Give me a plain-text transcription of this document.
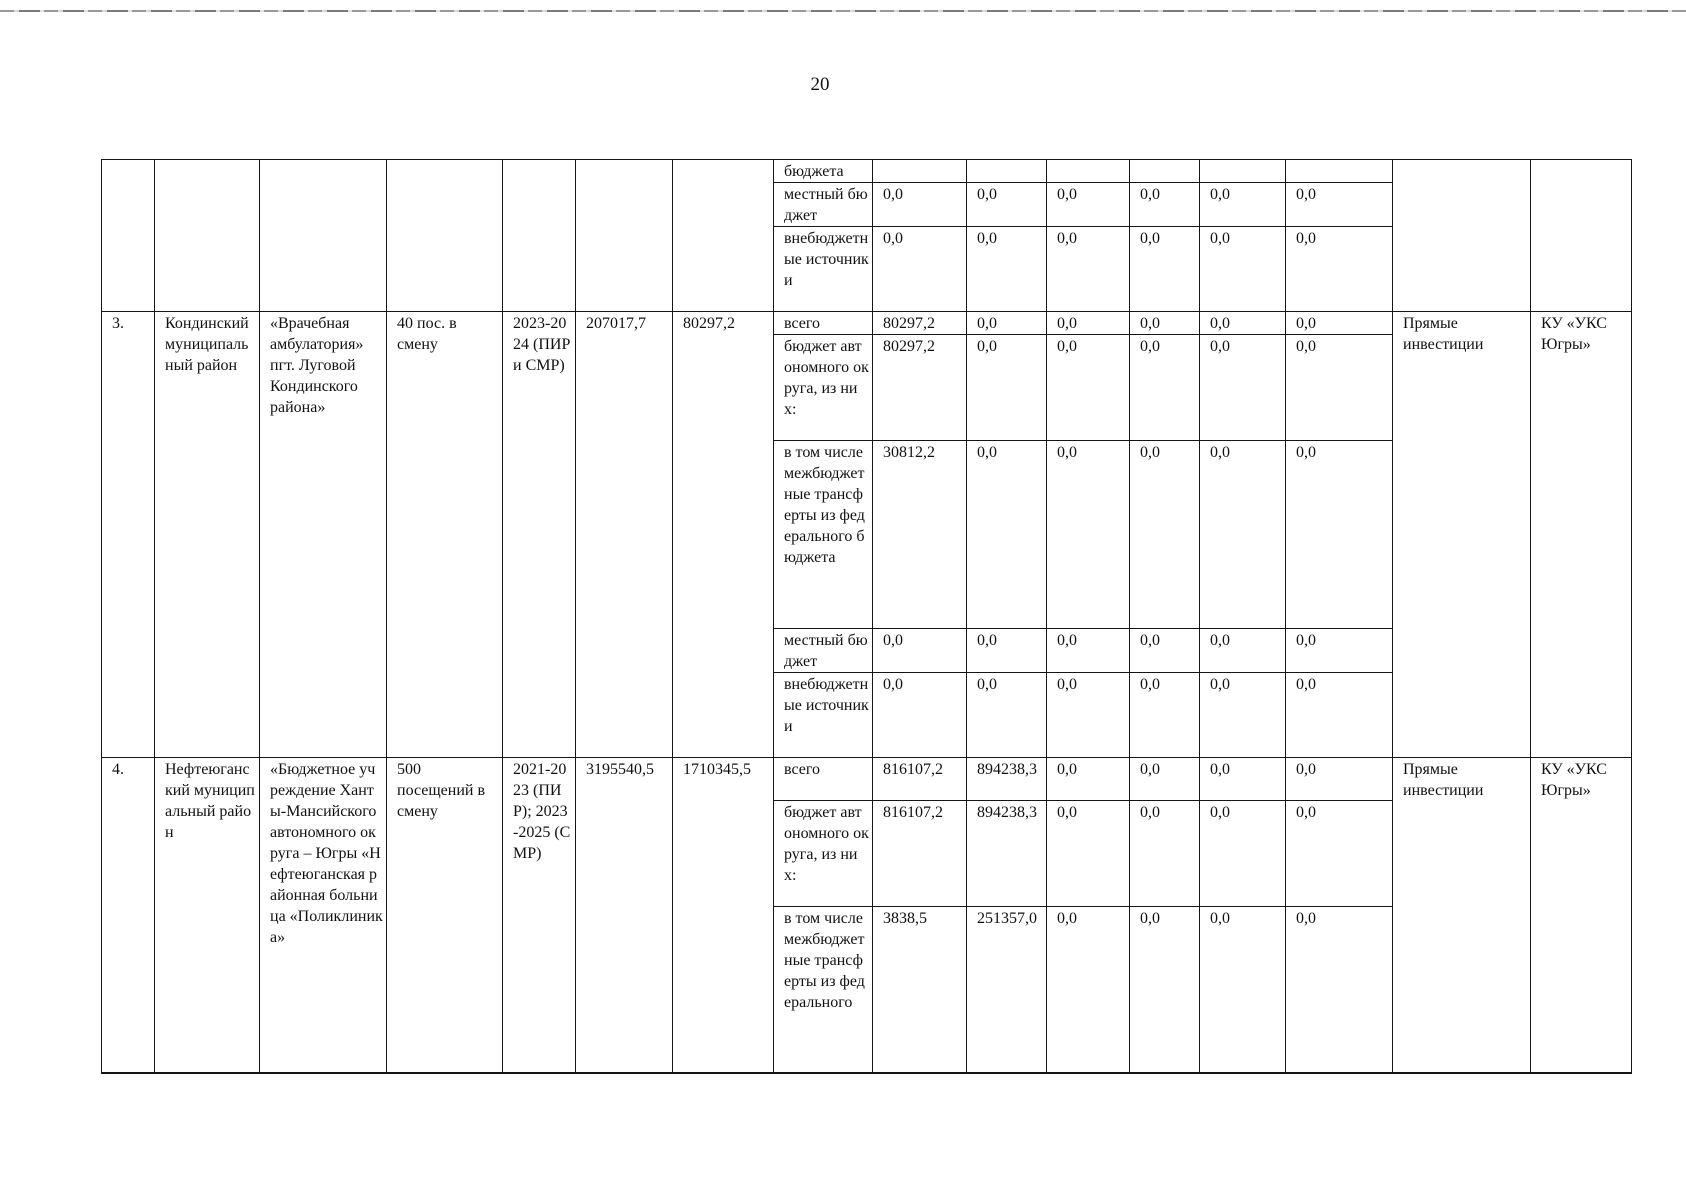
20
							бюджета								
							местный бюджет	0,0	0,0	0,0	0,0	0,0	0,0		
							внебюджетные источники	0,0	0,0	0,0	0,0	0,0	0,0		
3.	Кондинский муниципальный район	«Врачебная амбулатория» пгт. Луговой Кондинского района»	40 пос. в смену	2023-2024 (ПИР и СМР)	207017,7	80297,2	всего	80297,2	0,0	0,0	0,0	0,0	0,0	Прямые инвестиции	КУ «УКС Югры»
							бюджет автономного округа, из них:	80297,2	0,0	0,0	0,0	0,0	0,0		
							в том числе межбюджетные трансферты из федерального бюджета	30812,2	0,0	0,0	0,0	0,0	0,0		
							местный бюджет	0,0	0,0	0,0	0,0	0,0	0,0		
							внебюджетные источники	0,0	0,0	0,0	0,0	0,0	0,0		
4.	Нефтеюганский муниципальный район	«Бюджетное учреждение Ханты-Мансийского автономного округа – Югры «Нефтеюганская районная больница «Поликлиника»	500 посещений в смену	2021-2023 (ПИР); 2023-2025 (СМР)	3195540,5	1710345,5	всего	816107,2	894238,3	0,0	0,0	0,0	0,0	Прямые инвестиции	КУ «УКС Югры»
							бюджет автономного округа, из них:	816107,2	894238,3	0,0	0,0	0,0	0,0		
							в том числе межбюджетные трансферты из федерального	3838,5	251357,0	0,0	0,0	0,0	0,0		
